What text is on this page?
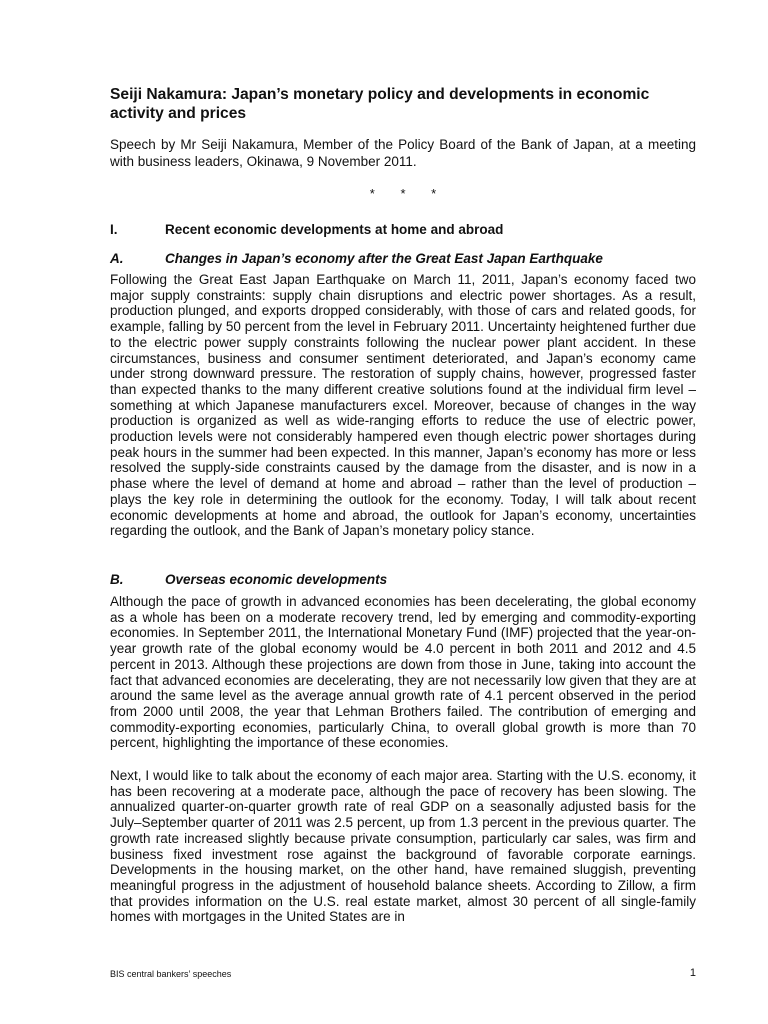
Seiji Nakamura: Japan’s monetary policy and developments in economic activity and prices

Speech by Mr Seiji Nakamura, Member of the Policy Board of the Bank of Japan, at a meeting with business leaders, Okinawa, 9 November 2011.

* * *
I.	Recent economic developments at home and abroad
A.	Changes in Japan’s economy after the Great East Japan Earthquake

Following the Great East Japan Earthquake on March 11, 2011, Japan’s economy faced two major supply constraints: supply chain disruptions and electric power shortages. As a result, production plunged, and exports dropped considerably, with those of cars and related goods, for example, falling by 50 percent from the level in February 2011. Uncertainty heightened further due to the electric power supply constraints following the nuclear power plant accident. In these circumstances, business and consumer sentiment deteriorated, and Japan’s economy came under strong downward pressure. The restoration of supply chains, however, progressed faster than expected thanks to the many different creative solutions found at the individual firm level – something at which Japanese manufacturers excel. Moreover, because of changes in the way production is organized as well as wide-ranging efforts to reduce the use of electric power, production levels were not considerably hampered even though electric power shortages during peak hours in the summer had been expected. In this manner, Japan’s economy has more or less resolved the supply-side constraints caused by the damage from the disaster, and is now in a phase where the level of demand at home and abroad – rather than the level of production – plays the key role in determining the outlook for the economy. Today, I will talk about recent economic developments at home and abroad, the outlook for Japan’s economy, uncertainties regarding the outlook, and the Bank of Japan’s monetary policy stance.

B.	Overseas economic developments

Although the pace of growth in advanced economies has been decelerating, the global economy as a whole has been on a moderate recovery trend, led by emerging and commodity-exporting economies. In September 2011, the International Monetary Fund (IMF) projected that the year-on-year growth rate of the global economy would be 4.0 percent in both 2011 and 2012 and 4.5 percent in 2013. Although these projections are down from those in June, taking into account the fact that advanced economies are decelerating, they are not necessarily low given that they are at around the same level as the average annual growth rate of 4.1 percent observed in the period from 2000 until 2008, the year that Lehman Brothers failed. The contribution of emerging and commodity-exporting economies, particularly China, to overall global growth is more than 70 percent, highlighting the importance of these economies.

Next, I would like to talk about the economy of each major area. Starting with the U.S. economy, it has been recovering at a moderate pace, although the pace of recovery has been slowing. The annualized quarter-on-quarter growth rate of real GDP on a seasonally adjusted basis for the July–September quarter of 2011 was 2.5 percent, up from 1.3 percent in the previous quarter. The growth rate increased slightly because private consumption, particularly car sales, was firm and business fixed investment rose against the background of favorable corporate earnings. Developments in the housing market, on the other hand, have remained sluggish, preventing meaningful progress in the adjustment of household balance sheets. According to Zillow, a firm that provides information on the U.S. real estate market, almost 30 percent of all single-family homes with mortgages in the United States are in

BIS central bankers’ speeches	1
